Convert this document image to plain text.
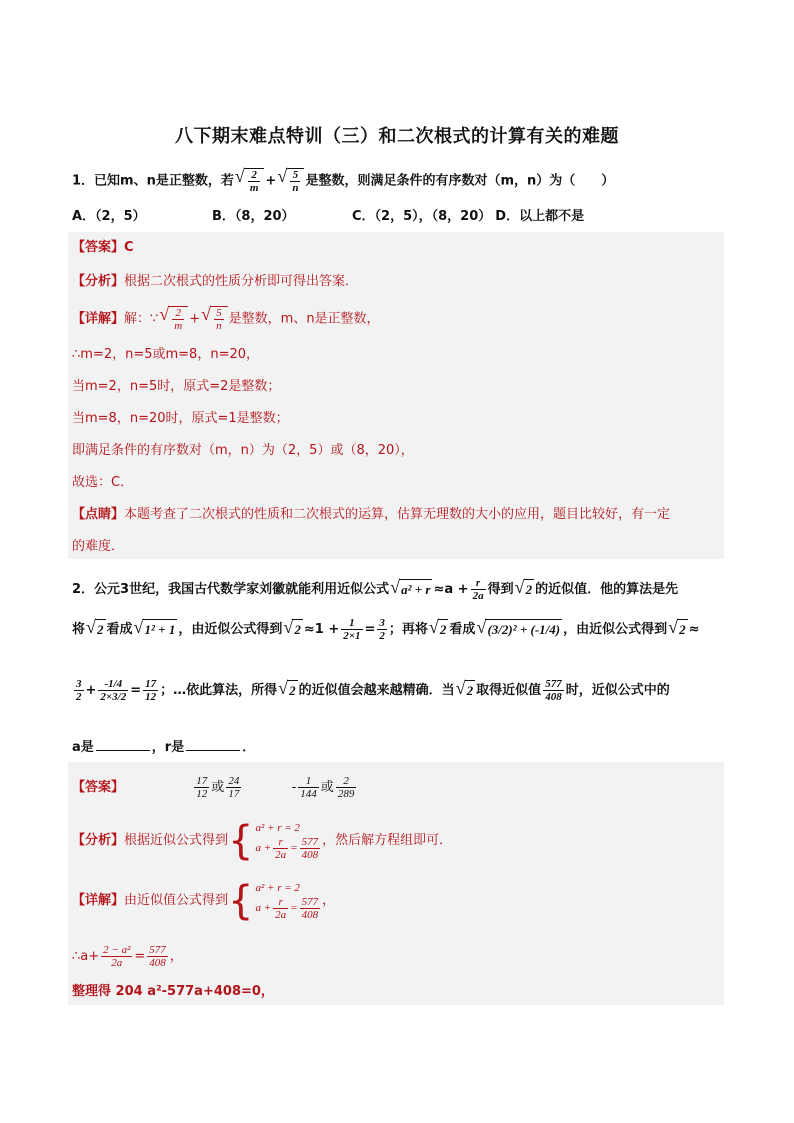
八下期末难点特训（三）和二次根式的计算有关的难题
1．已知m、n是正整数，若 √ $\frac{2}{m}$ + √ $\frac{5}{n}$ 是整数，则满足条件的有序数对（m，n）为（　　）
A．（2，5）	B．（8，20）	C．（2，5），（8，20） D．以上都不是
【答案】C
【分析】根据二次根式的性质分析即可得出答案．
【详解】解：∵ √ $\frac{2}{m}$ + √ $\frac{5}{n}$ 是整数，m、n是正整数，
∴m=2，n=5或m=8，n=20，
当m=2，n=5时，原式=2是整数；
当m=8，n=20时，原式=1是整数；
即满足条件的有序数对（m，n）为（2，5）或（8，20），
故选：C．
【点睛】本题考查了二次根式的性质和二次根式的运算，估算无理数的大小的应用，题目比较好，有一定
的难度．
2．公元3世纪，我国古代数学家刘徽就能利用近似公式 √ $a^2 + r \approx a + \frac{r}{2a}$ 得到 √ 2 的近似值．他的算法是先
将 √ 2 看成 √ 1² + 1 ，由近似公式得到 √ $2 \approx 1 + \frac{1}{2\times 1} = \frac{3}{2}$ ；再将 √ 2 看成 √ (3/2)² + (-1/4) ，由近似公式得到 √ 2 ≈
$\frac{3}{2} + \frac{-1/4}{2\times 3/2} = \frac{17}{12}$ ；…依此算法，所得 √ 2 的近似值会越来越精确．当 √ 2 取得近似值 $\frac{577}{408}$ 时，近似公式中的
a是	，r是	．
【答案】	$\frac{17}{12}$ 或 $\frac{24}{17}$	- $\frac{1}{144}$ 或 $\frac{2}{289}$
【分析】根据近似公式得到{ a² + r = 2
$a + \frac{r}{2a} = \frac{577}{408}$ ，然后解方程组即可．
【详解】由近似值公式得到{ a² + r = 2
$a + \frac{r}{2a} = \frac{577}{408}$ ，
∴a+ $\frac{\text{2 − a²}}{2a} = \frac{577}{408}$ ，
整理得 204 a²-577a+408=0，
